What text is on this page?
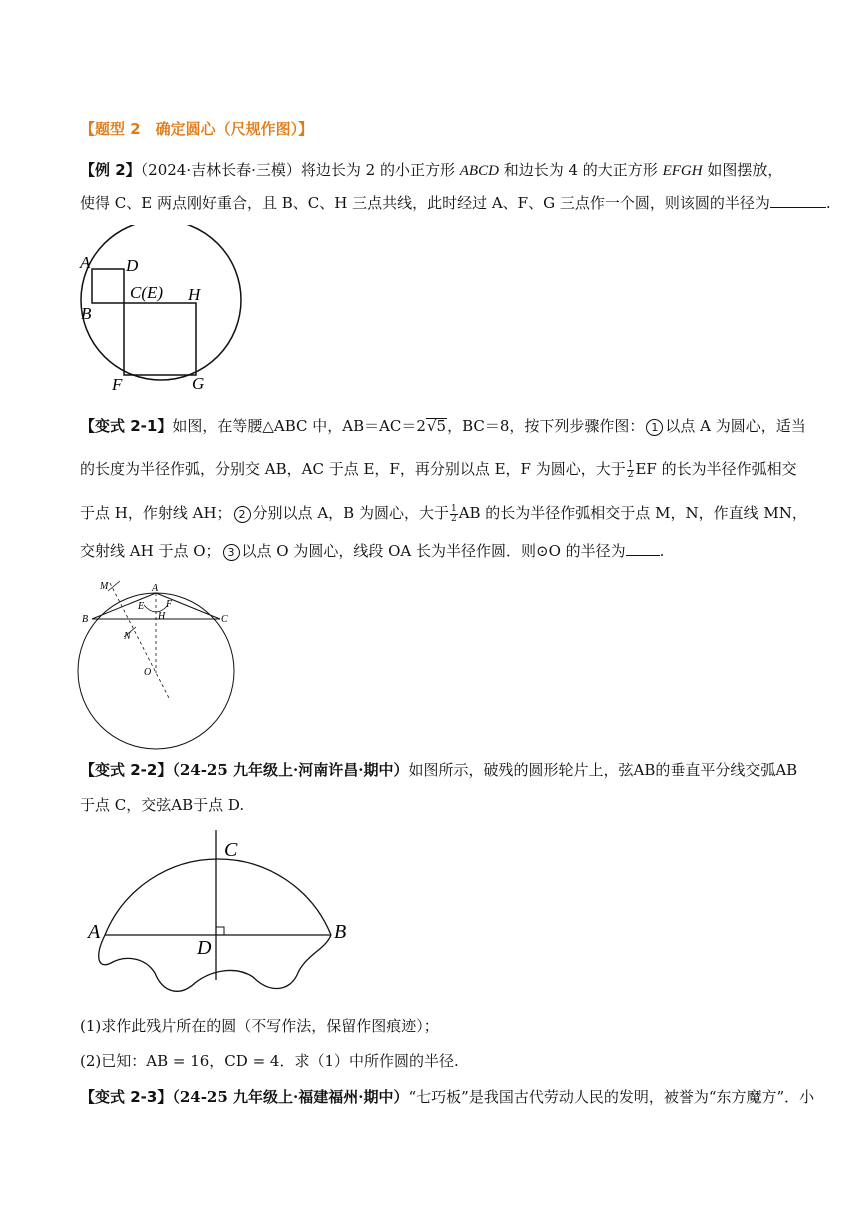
【题型 2　确定圆心（尺规作图）】
【例 2】（2024·吉林长春·三模）将边长为 2 的小正方形 ABCD 和边长为 4 的大正方形 EFGH 如图摆放，
使得 C、E 两点刚好重合，且 B、C、H 三点共线，此时经过 A、F、G 三点作一个圆，则该圆的半径为	.
A D
B
C(E) H
F	G
【变式 2-1】如图，在等腰△ABC 中，AB＝AC＝2√5，BC＝8，按下列步骤作图： 1 以点 A 为圆心，适当
的长度为半径作弧，分别交 AB，AC 于点 E，F，再分别以点 E，F 为圆心，大于 $\frac{1}{2}$ EF 的长为半径作弧相交
于点 H，作射线 AH； 2 分别以点 A，B 为圆心，大于 $\frac{1}{2}$ AB 的长为半径作弧相交于点 M，N，作直线 MN，
交射线 AH 于点 O； 3 以点 O 为圆心，线段 OA 长为半径作圆．则⊙O 的半径为 .
M	A
E F
B	H	C
N
O
【变式 2-2】（24-25 九年级上·河南许昌·期中）如图所示，破残的圆形轮片上，弦AB的垂直平分线交弧AB
于点 C，交弦AB于点 D.
C
A	B
D
(1)求作此残片所在的圆（不写作法，保留作图痕迹）；
(2)已知：AB = 16，CD = 4．求（1）中所作圆的半径.
【变式 2-3】（24-25 九年级上·福建福州·期中）“七巧板”是我国古代劳动人民的发明，被誉为“东方魔方”．小
